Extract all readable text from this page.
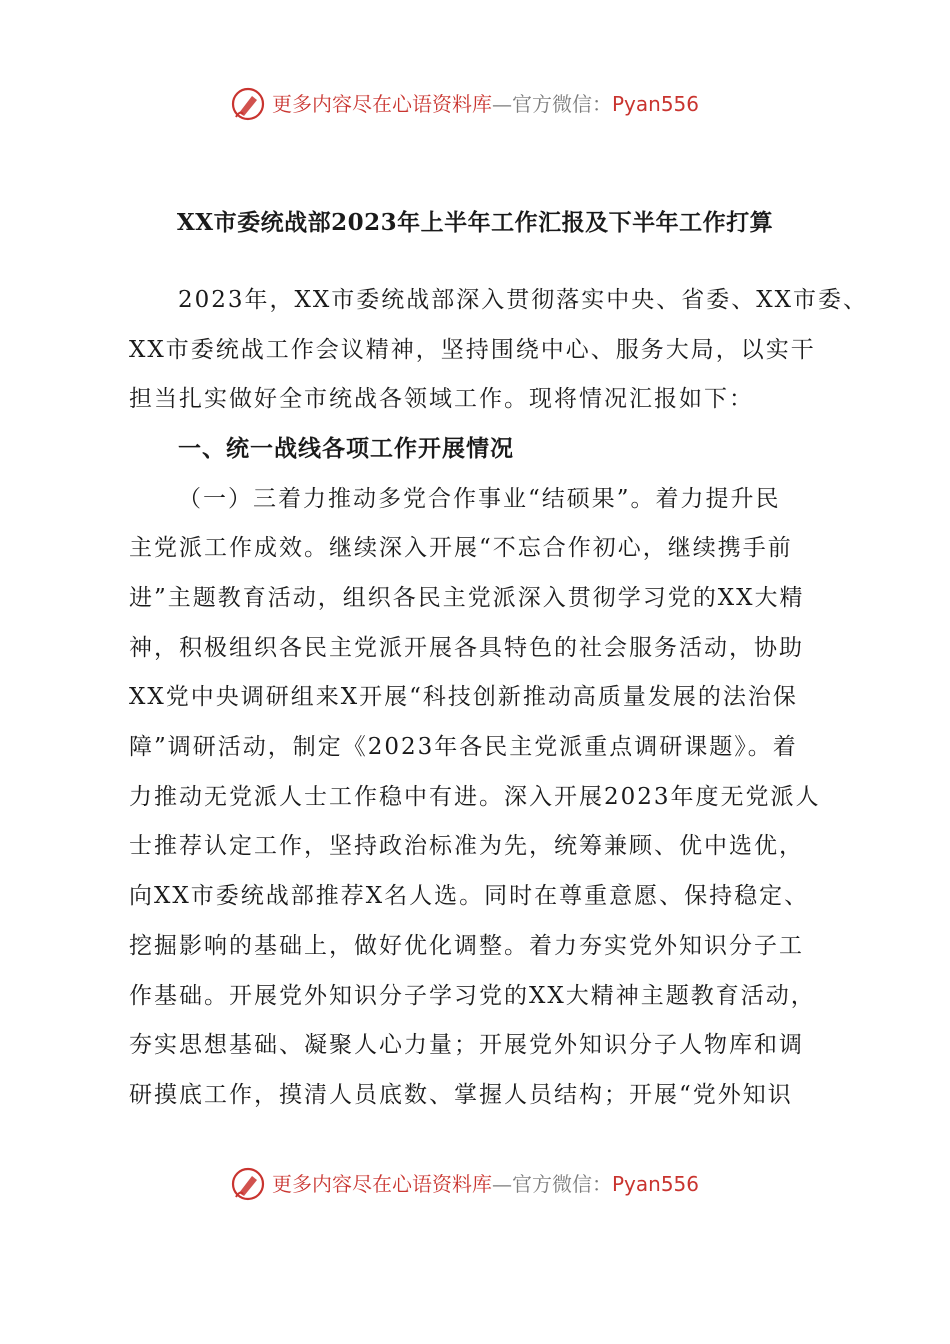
更多内容尽在心语资料库—官方微信：Pyan556
XX市委统战部2023年上半年工作汇报及下半年工作打算
2023年，XX市委统战部深入贯彻落实中央、省委、XX市委、
XX市委统战工作会议精神，坚持围绕中心、服务大局，以实干
担当扎实做好全市统战各领域工作。现将情况汇报如下：
一、统一战线各项工作开展情况
（一）三着力推动多党合作事业“结硕果”。着力提升民
主党派工作成效。继续深入开展“不忘合作初心，继续携手前
进”主题教育活动，组织各民主党派深入贯彻学习党的XX大精
神，积极组织各民主党派开展各具特色的社会服务活动，协助
XX党中央调研组来X开展“科技创新推动高质量发展的法治保
障”调研活动，制定《2023年各民主党派重点调研课题》。着
力推动无党派人士工作稳中有进。深入开展2023年度无党派人
士推荐认定工作，坚持政治标准为先，统筹兼顾、优中选优，
向XX市委统战部推荐X名人选。同时在尊重意愿、保持稳定、
挖掘影响的基础上，做好优化调整。着力夯实党外知识分子工
作基础。开展党外知识分子学习党的XX大精神主题教育活动，
夯实思想基础、凝聚人心力量；开展党外知识分子人物库和调
研摸底工作，摸清人员底数、掌握人员结构；开展“党外知识
更多内容尽在心语资料库—官方微信：Pyan556
